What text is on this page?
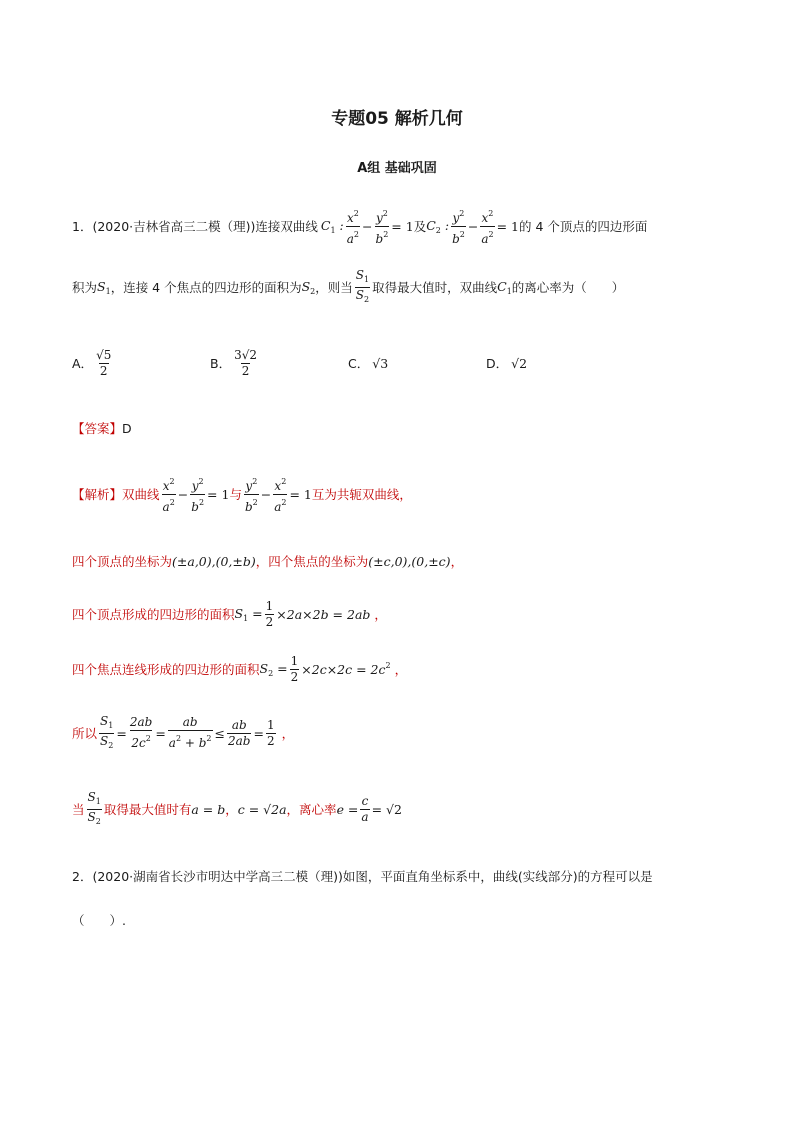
专题05 解析几何
A组 基础巩固
1．( 2020·吉林省高三二模（理) )连接双曲线 $C_1$ : $\frac{x^2}{a^2} - \frac{y^2}{b^2} = 1$ 及 $C_2$ : $\frac{y^2}{b^2} - \frac{x^2}{a^2} = 1$ 的 4 个顶点的四边形面
积为 $S_1$ ，连接 4 个焦点的四边形的面积为 $S_2$ ，则当 $\frac{S_1}{S_2}$ 取得最大值时，双曲线 $C_1$ 的离心率为（　　）
A． $\frac{√5}{2}$	B． $\frac{3√2}{2}$	C． √3	D． √2
【答案】 D
【解析】 双曲线 $\frac{x^2}{a^2} - \frac{y^2}{b^2} = 1$ 与 $\frac{y^2}{b^2} - \frac{x^2}{a^2} = 1$ 互为共轭双曲线，
四个顶点的坐标为 (±a,0),(0,±b) ，四个焦点的坐标为 (±c,0),(0,±c) ，
四个顶点形成的四边形的面积 $S_1 = \frac{1}{2} \times 2a\times 2b = 2ab$ ，
四个焦点连线形成的四边形的面积 $S_2 = \frac{1}{2} \times 2c\times 2c = 2c^2$ ，
所以 $\frac{S_1}{S_2} = \frac{2ab}{2c^2} = \frac{ab}{a^2 + b^2} \le \frac{ab}{2ab} = \frac{1}{2}$ ，
当 $\frac{S_1}{S_2}$ 取得最大值时有 a = b ， c = √2a ，离心率 $e = \frac{c}{a} = √2$
2．( 2020·湖南省长沙市明达中学高三二模（理) ) 如图，平面直角坐标系中，曲线(实线部分)的方程可以是
（　　）.
